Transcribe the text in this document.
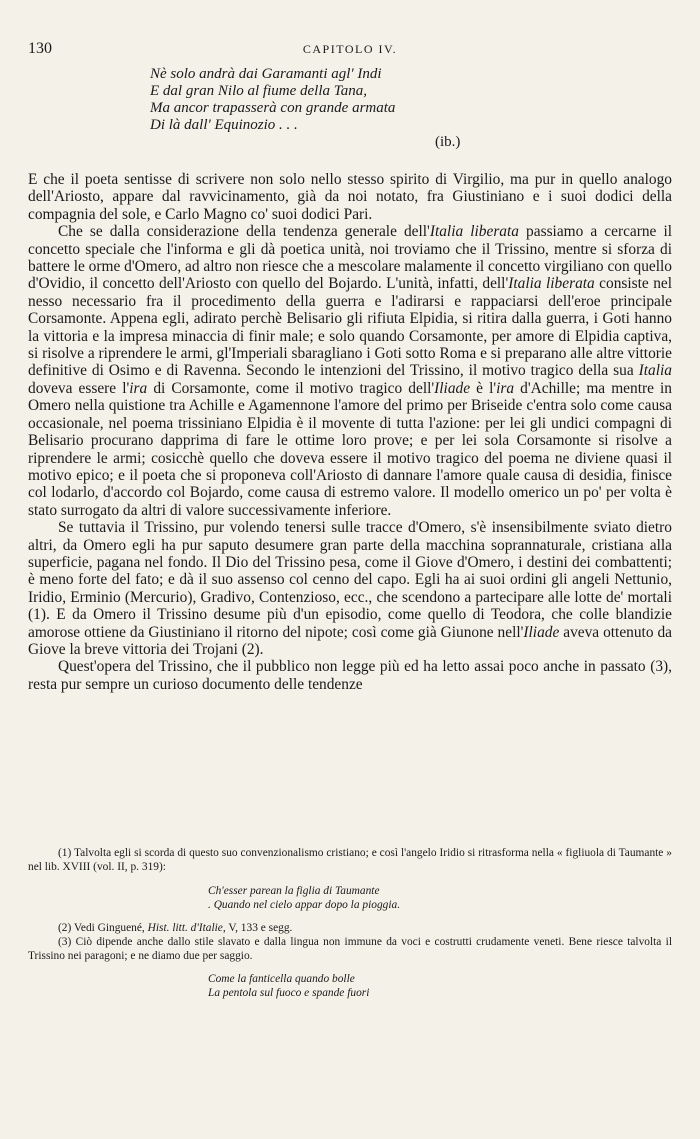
130	CAPITOLO IV.
Nè solo andrà dai Garamanti agl' Indi
E dal gran Nilo al fiume della Tana,
Ma ancor trapasserà con grande armata
Di là dall' Equinozio . . .
(ib.)

E che il poeta sentisse di scrivere non solo nello stesso spirito di Virgilio, ma pur in quello analogo dell'Ariosto, appare dal ravvicinamento, già da noi notato, fra Giustiniano e i suoi dodici della compagnia del sole, e Carlo Magno co' suoi dodici Pari.

Che se dalla considerazione della tendenza generale dell'Italia liberata passiamo a cercarne il concetto speciale che l'informa e gli dà poetica unità, noi troviamo che il Trissino, mentre si sforza di battere le orme d'Omero, ad altro non riesce che a mescolare malamente il concetto virgiliano con quello d'Ovidio, il concetto dell'Ariosto con quello del Bojardo. L'unità, infatti, dell'Italia liberata consiste nel nesso necessario fra il procedimento della guerra e l'adirarsi e rappaciarsi dell'eroe principale Corsamonte. Appena egli, adirato perchè Belisario gli rifiuta Elpidia, si ritira dalla guerra, i Goti hanno la vittoria e la impresa minaccia di finir male; e solo quando Corsamonte, per amore di Elpidia captiva, si risolve a riprendere le armi, gl'Imperiali sbaragliano i Goti sotto Roma e si preparano alle altre vittorie definitive di Osimo e di Ravenna. Secondo le intenzioni del Trissino, il motivo tragico della sua Italia doveva essere l'ira di Corsamonte, come il motivo tragico dell'Iliade è l'ira d'Achille; ma mentre in Omero nella quistione tra Achille e Agamennone l'amore del primo per Briseide c'entra solo come causa occasionale, nel poema trissiniano Elpidia è il movente di tutta l'azione: per lei gli undici compagni di Belisario procurano dapprima di fare le ottime loro prove; e per lei sola Corsamonte si risolve a riprendere le armi; cosicchè quello che doveva essere il motivo tragico del poema ne diviene quasi il motivo epico; e il poeta che si proponeva coll'Ariosto di dannare l'amore quale causa di desidia, finisce col lodarlo, d'accordo col Bojardo, come causa di estremo valore. Il modello omerico un po' per volta è stato surrogato da altri di valore successivamente inferiore.

Se tuttavia il Trissino, pur volendo tenersi sulle tracce d'Omero, s'è insensibilmente sviato dietro altri, da Omero egli ha pur saputo desumere gran parte della macchina soprannaturale, cristiana alla superficie, pagana nel fondo. Il Dio del Trissino pesa, come il Giove d'Omero, i destini dei combattenti; è meno forte del fato; e dà il suo assenso col cenno del capo. Egli ha ai suoi ordini gli angeli Nettunio, Iridio, Erminio (Mercurio), Gradivo, Contenzioso, ecc., che scendono a partecipare alle lotte de' mortali (1). E da Omero il Trissino desume più d'un episodio, come quello di Teodora, che colle blandizie amorose ottiene da Giustiniano il ritorno del nipote; così come già Giunone nell'Iliade aveva ottenuto da Giove la breve vittoria dei Trojani (2).

Quest'opera del Trissino, che il pubblico non legge più ed ha letto assai poco anche in passato (3), resta pur sempre un curioso documento delle tendenze

(1) Talvolta egli si scorda di questo suo convenzionalismo cristiano; e così l'angelo Iridio si ritrasforma nella « figliuola di Taumante » nel lib. XVIII (vol. II, p. 319):

Ch'esser parean la figlia di Taumante
. Quando nel cielo appar dopo la pioggia.

(2) Vedi Ginguené, Hist. litt. d'Italie, V, 133 e segg.

(3) Ciò dipende anche dallo stile slavato e dalla lingua non immune da voci e costrutti crudamente veneti. Bene riesce talvolta il Trissino nei paragoni; e ne diamo due per saggio.

Come la fanticella quando bolle
La pentola sul fuoco e spande fuori
